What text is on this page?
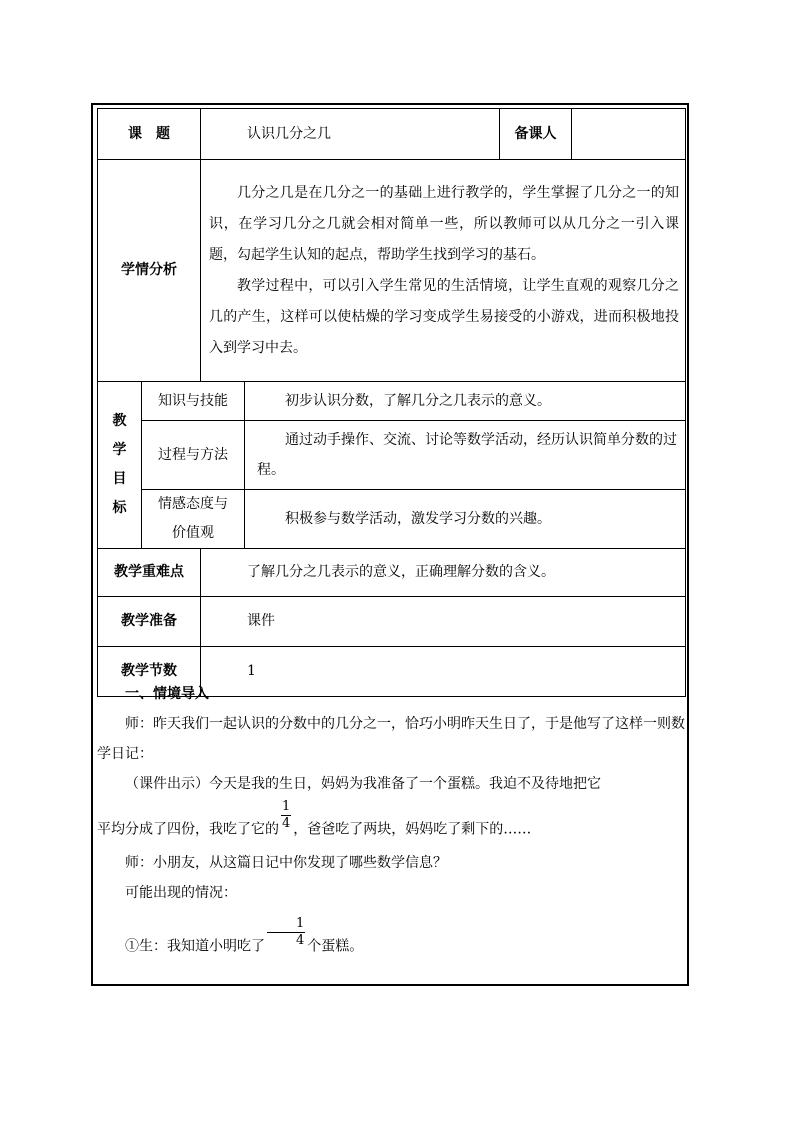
课　题		认识几分之几		备课人	
学情分析		几分之几是在几分之一的基础上进行教学的，学生掌握了几分之一的知识，在学习几分之几就会相对简单一些，所以教师可以从几分之一引入课题，勾起学生认知的起点，帮助学生找到学习的基石。

教学过程中，可以引入学生常见的生活情境，让学生直观的观察几分之几的产生，这样可以使枯燥的学习变成学生易接受的小游戏，进而积极地投入到学习中去。			

教
学
目
标	知识与技能		初步认识分数，了解几分之几表示的意义。		

	过程与方法		通过动手操作、交流、讨论等数学活动，经历认识简单分数的过程。		

	情感态度与
价值观		积极参与数学活动，激发学习分数的兴趣。		

教学重难点		了解几分之几表示的意义，正确理解分数的含义。			
教学准备		课件			
教学节数		1			

一、情境导入

师：昨天我们一起认识的分数中的几分之一，恰巧小明昨天生日了，于是他写了这样一则数学日记：

（课件出示）今天是我的生日，妈妈为我准备了一个蛋糕。我迫不及待地把它

平均分成了四份，我吃了它的 $\frac{1}{4}$ ，爸爸吃了两块，妈妈吃了剩下的……

师：小朋友，从这篇日记中你发现了哪些数学信息？

可能出现的情况：

①生：我知道小明吃了 $\frac{1}{4}$ 个蛋糕。
